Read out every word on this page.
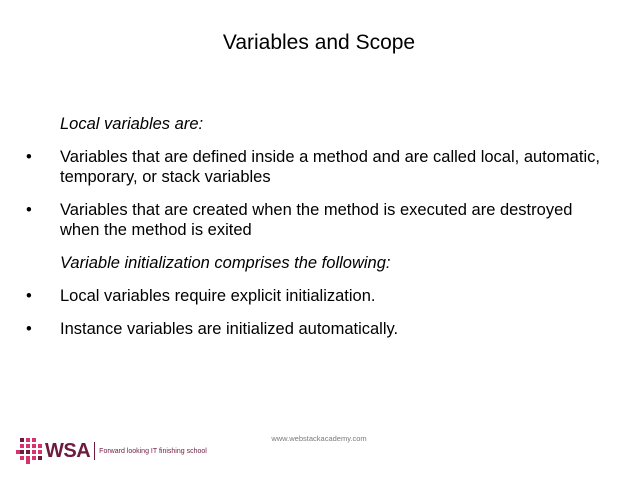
Variables and Scope
Local variables are:
•	Variables that are defined inside a method and are called local, automatic, temporary, or stack variables
•	Variables that are created when the method is executed are destroyed when the method is exited
Variable initialization comprises the following:
•	Local variables require explicit initialization.
•	Instance variables are initialized automatically.
www.webstackacademy.com
WSA Forward looking IT finishing school
